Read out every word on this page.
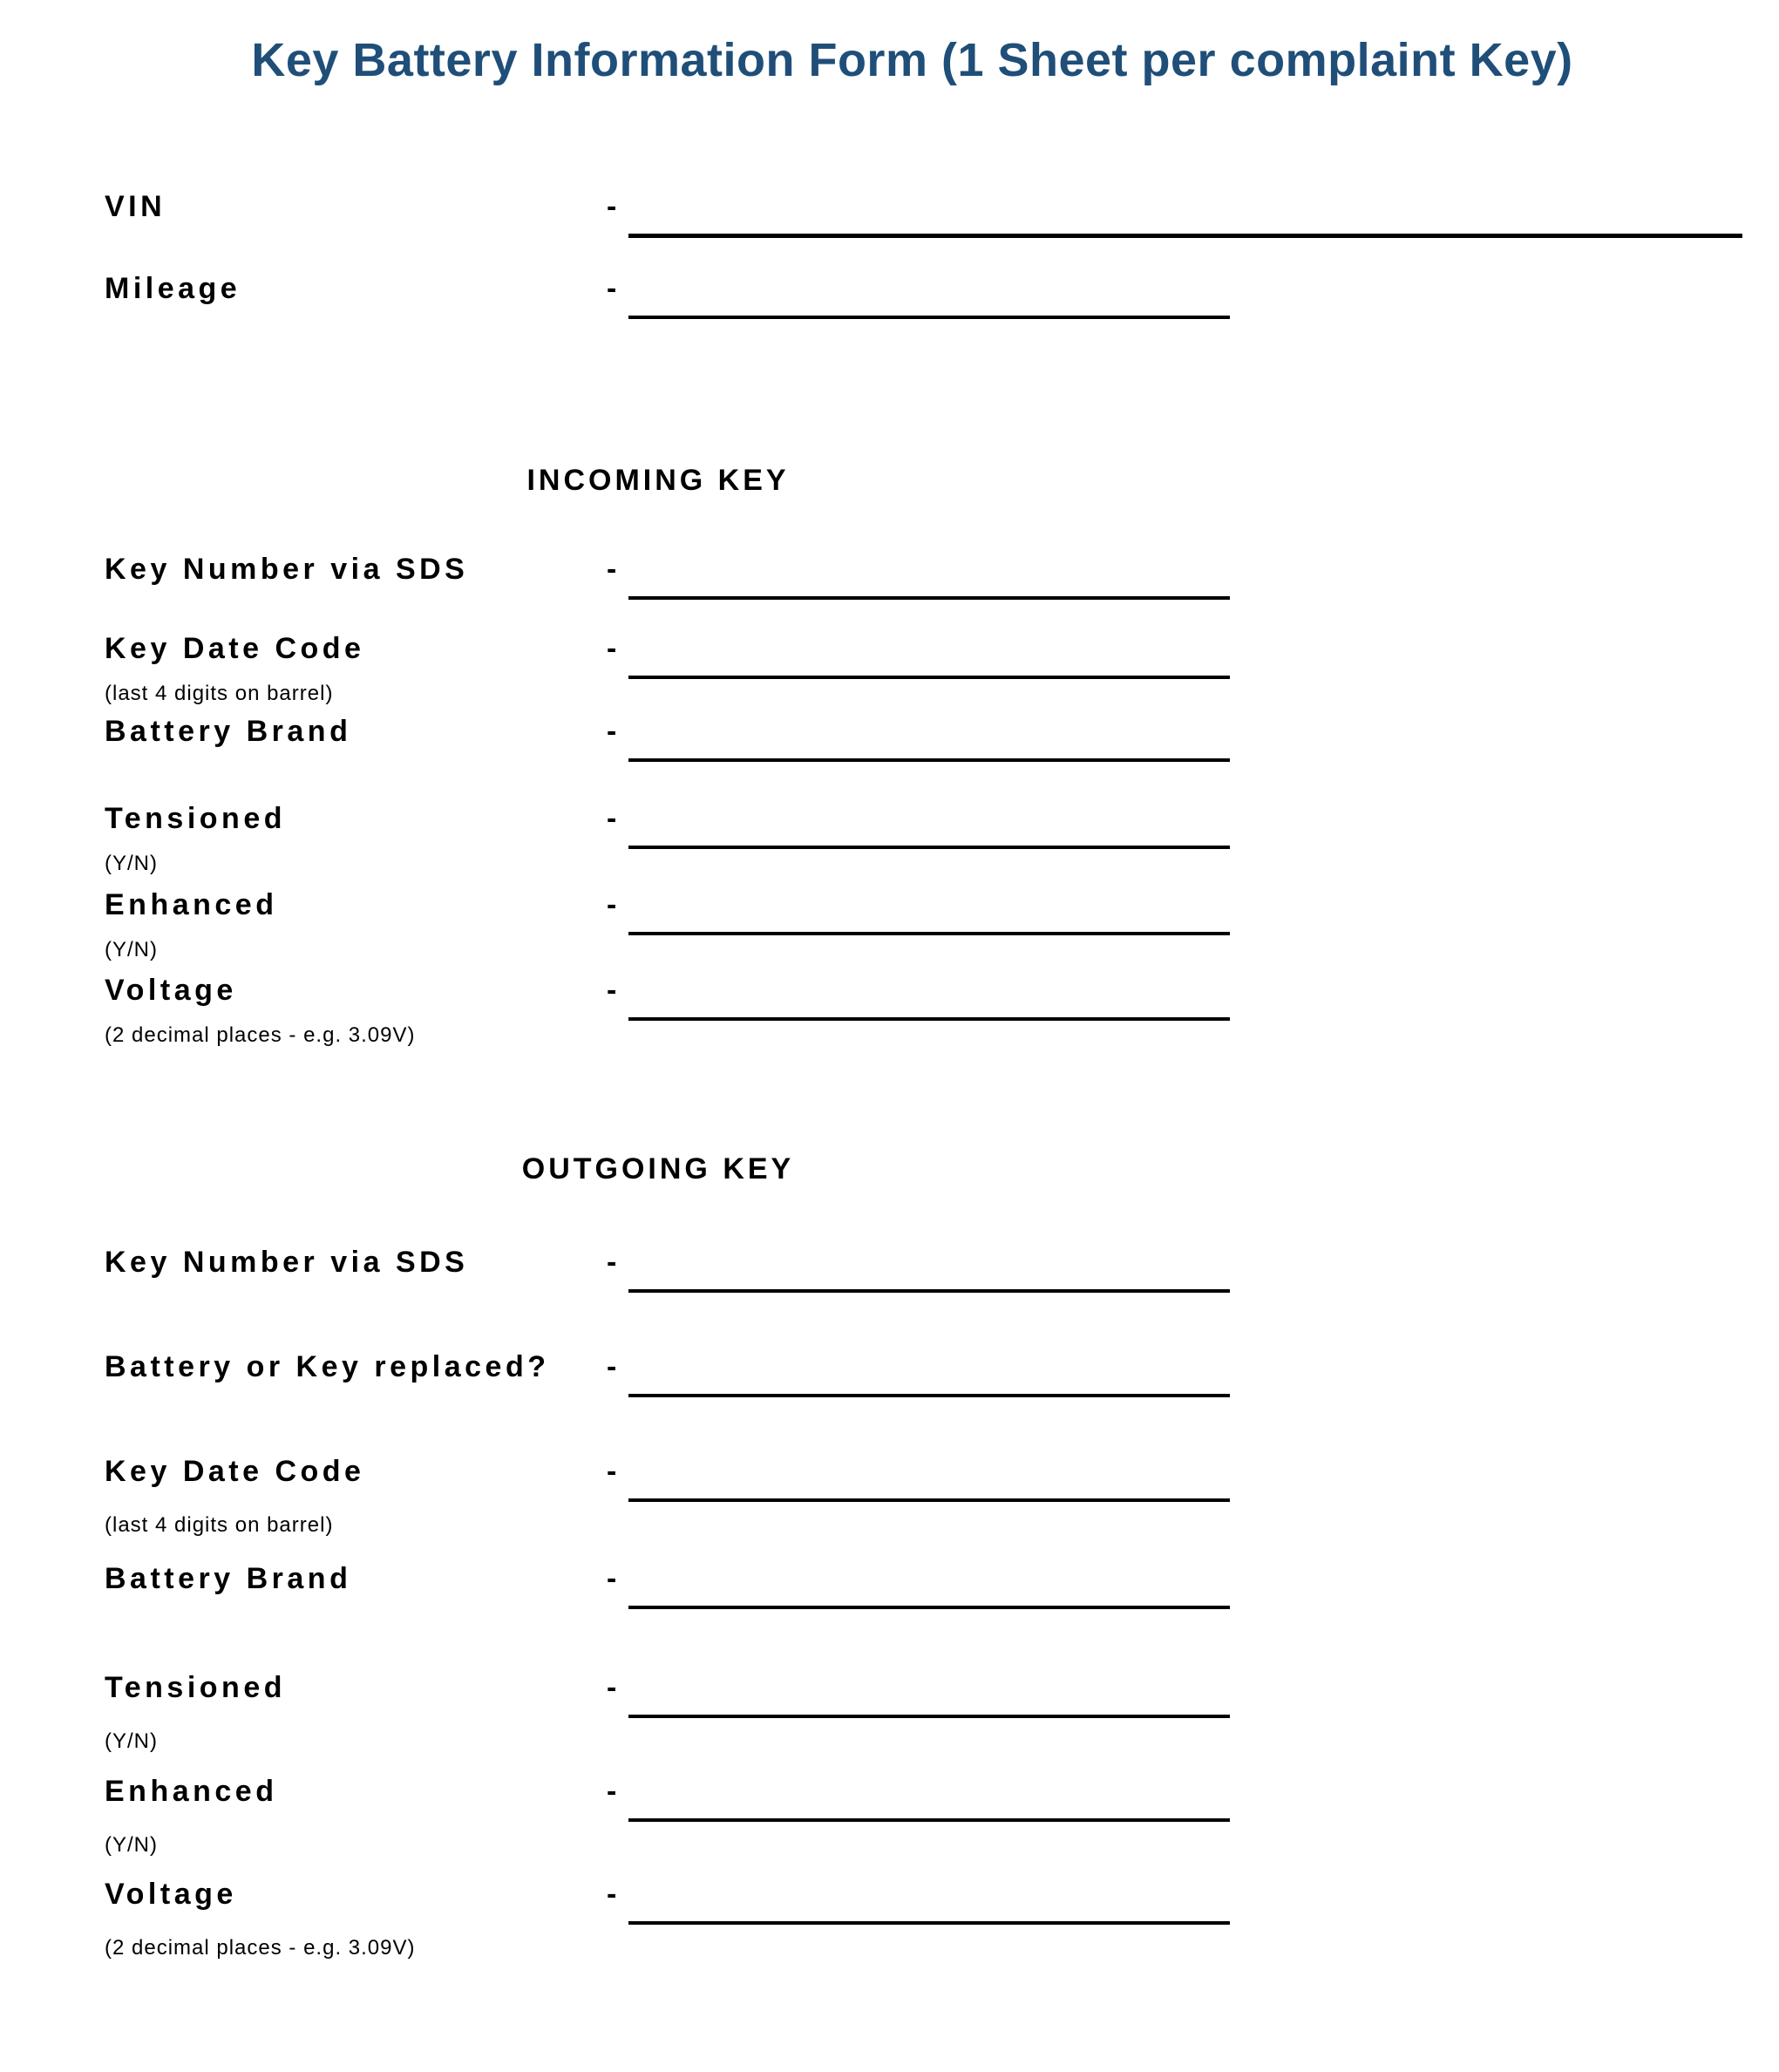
Key Battery Information Form (1 Sheet per complaint Key)
VIN	-
Mileage	-
INCOMING KEY
Key Number via SDS	-
Key Date Code	-
(last 4 digits on barrel)
Battery Brand	-
Tensioned	-
(Y/N)
Enhanced	-
(Y/N)
Voltage	-
(2 decimal places - e.g. 3.09V)
OUTGOING KEY
Key Number via SDS	-
Battery or Key replaced? -
Key Date Code	-
(last 4 digits on barrel)
Battery Brand	-
Tensioned	-
(Y/N)
Enhanced	-
(Y/N)
Voltage	-
(2 decimal places - e.g. 3.09V)
